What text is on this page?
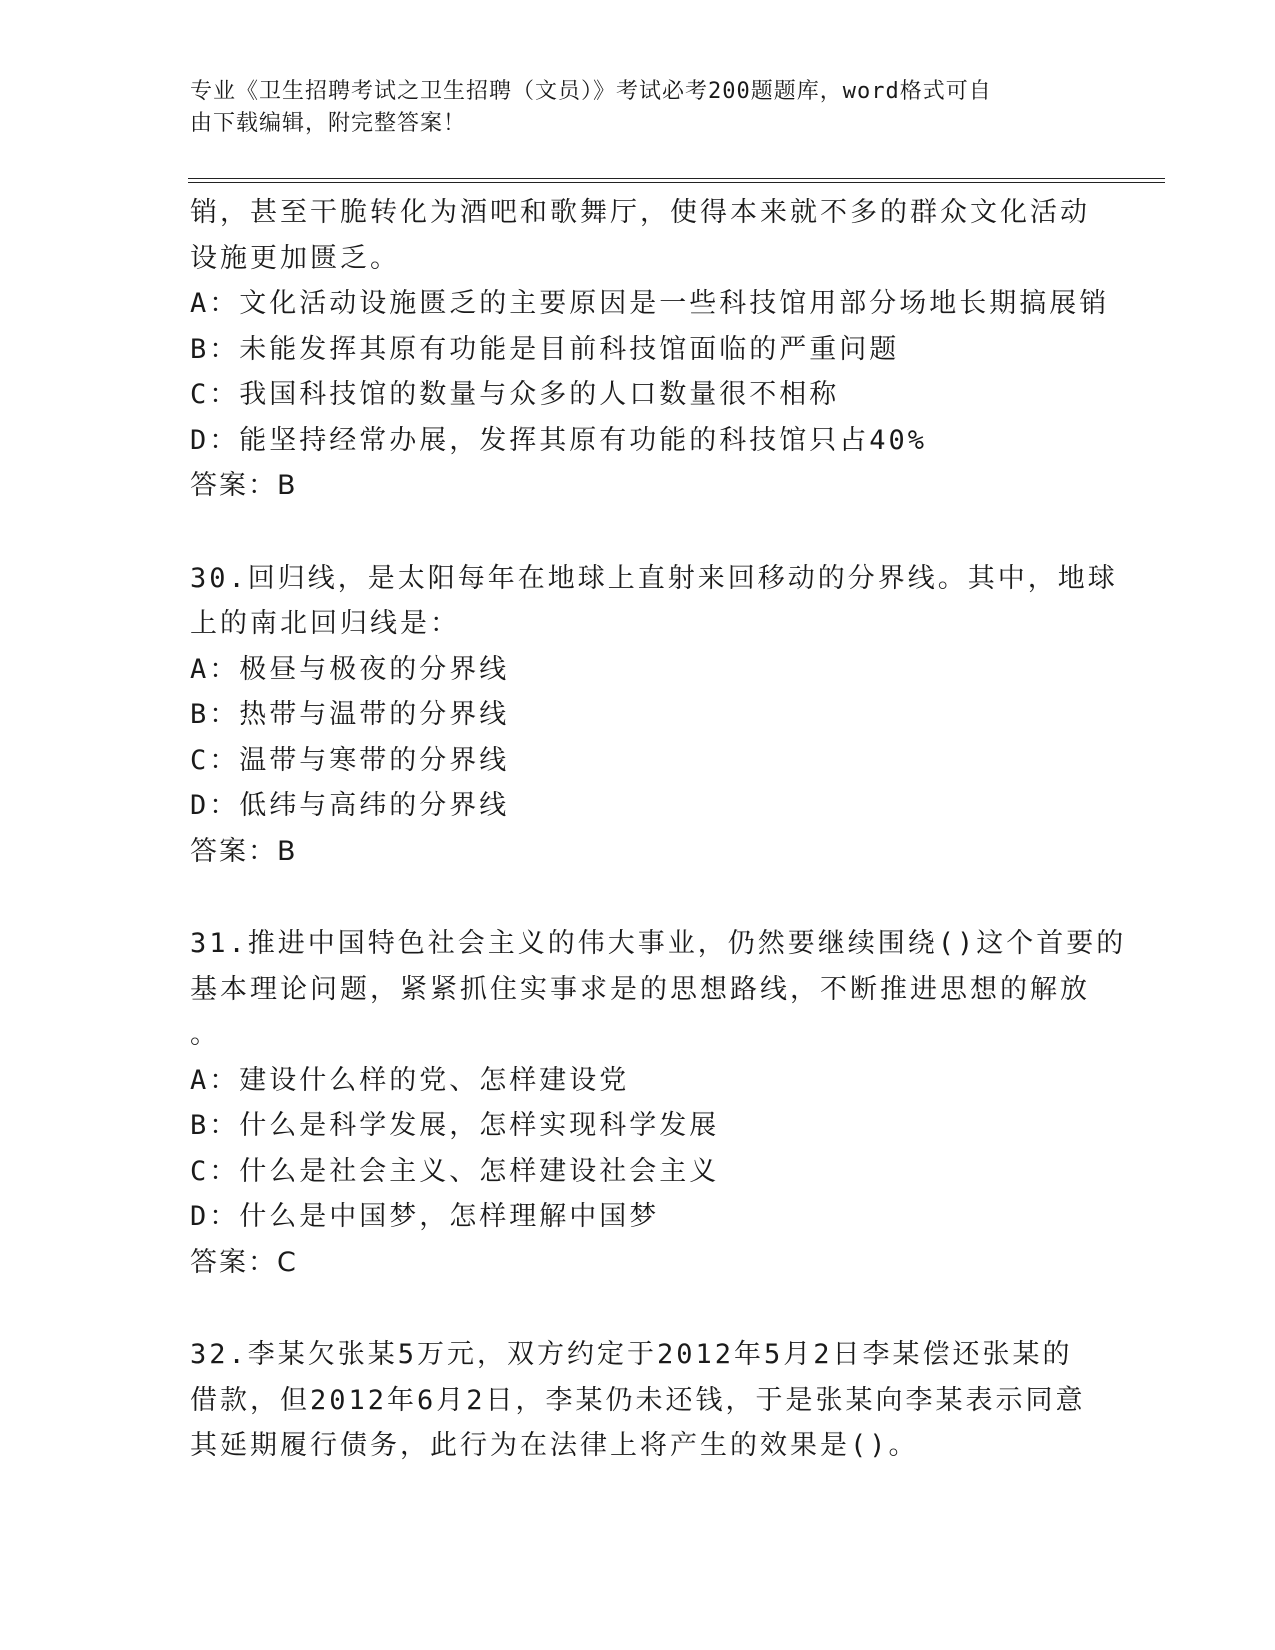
专业《卫生招聘考试之卫生招聘（文员）》考试必考200题题库，word格式可自
由下载编辑，附完整答案！
销，甚至干脆转化为酒吧和歌舞厅，使得本来就不多的群众文化活动
设施更加匮乏。
A：文化活动设施匮乏的主要原因是一些科技馆用部分场地长期搞展销
B：未能发挥其原有功能是目前科技馆面临的严重问题
C：我国科技馆的数量与众多的人口数量很不相称
D：能坚持经常办展，发挥其原有功能的科技馆只占40%
答案：B
30.回归线，是太阳每年在地球上直射来回移动的分界线。其中，地球
上的南北回归线是：
A：极昼与极夜的分界线
B：热带与温带的分界线
C：温带与寒带的分界线
D：低纬与高纬的分界线
答案：B
31.推进中国特色社会主义的伟大事业，仍然要继续围绕()这个首要的
基本理论问题，紧紧抓住实事求是的思想路线，不断推进思想的解放
。
A：建设什么样的党、怎样建设党
B：什么是科学发展，怎样实现科学发展
C：什么是社会主义、怎样建设社会主义
D：什么是中国梦，怎样理解中国梦
答案：C
32.李某欠张某5万元，双方约定于2012年5月2日李某偿还张某的
借款，但2012年6月2日，李某仍未还钱，于是张某向李某表示同意
其延期履行债务，此行为在法律上将产生的效果是()。
